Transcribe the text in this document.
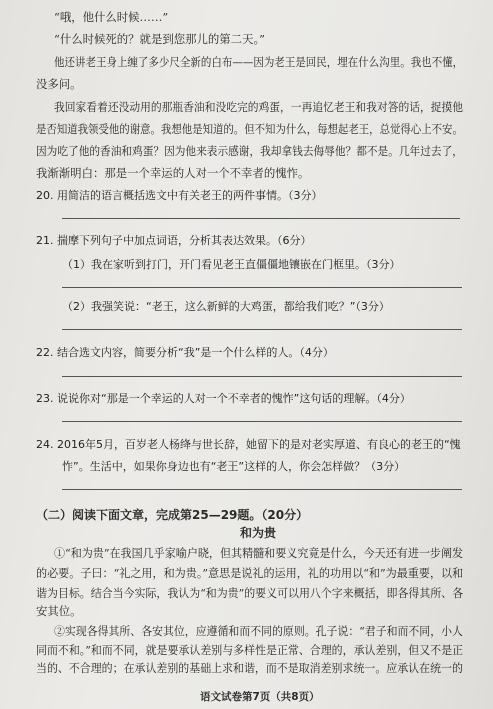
“哦，他什么时候……”
“什么时候死的？就是到您那儿的第二天。”
他还讲老王身上缠了多少尺全新的白布——因为老王是回民，埋在什么沟里。我也不懂，
没多问。
我回家看着还没动用的那瓶香油和没吃完的鸡蛋，一再追忆老王和我对答的话，捉摸他
是否知道我领受他的谢意。我想他是知道的。但不知为什么，每想起老王，总觉得心上不安。
因为吃了他的香油和鸡蛋？因为他来表示感谢，我却拿钱去侮辱他？都不是。几年过去了，
我渐渐明白：那是一个幸运的人对一个不幸者的愧怍。
20. 用简洁的语言概括选文中有关老王的两件事情。（3分）
21. 揣摩下列句子中加点词语，分析其表达效果。（6分）
（1）我在家听到打门，开门看见老王直僵僵地镶嵌在门框里。（3分）
（2）我强笑说：“老王，这么新鲜的大鸡蛋，都给我们吃？”（3分）
22. 结合选文内容，简要分析“我”是一个什么样的人。（4分）
23. 说说你对“那是一个幸运的人对一个不幸者的愧怍”这句话的理解。（4分）
24. 2016年5月，百岁老人杨绛与世长辞，她留下的是对老实厚道、有良心的老王的“愧
怍”。生活中，如果你身边也有“老王”这样的人，你会怎样做？（3分）
（二）阅读下面文章，完成第25—29题。（20分）
和为贵
①“和为贵”在我国几乎家喻户晓，但其精髓和要义究竟是什么，今天还有进一步阐发
的必要。子曰：“礼之用，和为贵。”意思是说礼的运用，礼的功用以“和”为最重要，以和
谐为目标。结合当今实际，我认为“和为贵”的要义可以用八个字来概括，即各得其所、各
安其位。
②实现各得其所、各安其位，应遵循和而不同的原则。孔子说：“君子和而不同，小人
同而不和。”和而不同，就是要承认差别与多样性是正常、合理的，承认差别，但又不是正
当的、不合理的；在承认差别的基础上求和谐，而不是取消差别求统一。应承认在统一的
语文试卷第7页（共8页）
